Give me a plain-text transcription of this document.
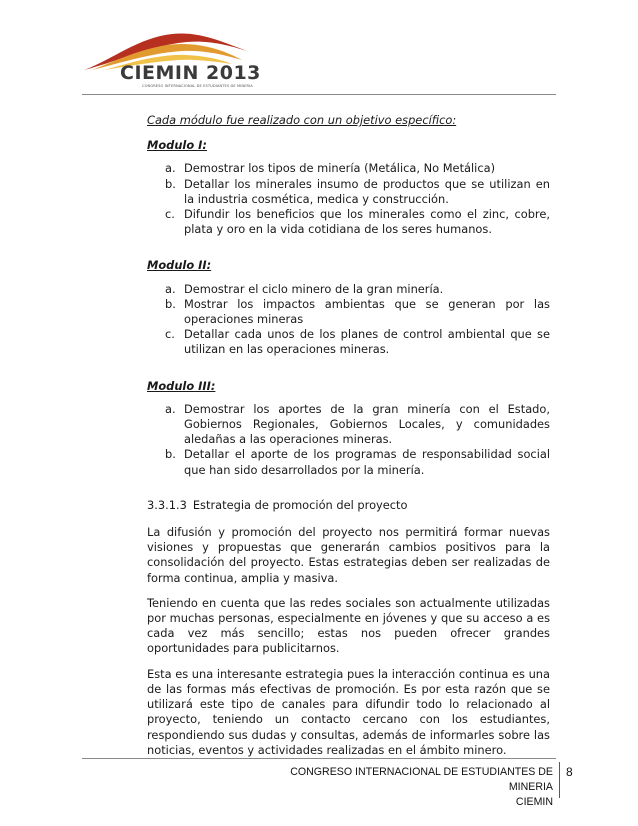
CIEMIN 2013
CONGRESO INTERNACIONAL DE ESTUDIANTES DE MINERIA

Cada módulo fue realizado con un objetivo específico:

Modulo I:

a. Demostrar los tipos de minería (Metálica, No Metálica)
b. Detallar los minerales insumo de productos que se utilizan en la industria cosmética, medica y construcción.
c. Difundir los beneficios que los minerales como el zinc, cobre, plata y oro en la vida cotidiana de los seres humanos.

Modulo II:

a. Demostrar el ciclo minero de la gran minería.
b. Mostrar los impactos ambientas que se generan por las operaciones mineras
c. Detallar cada unos de los planes de control ambiental que se utilizan en las operaciones mineras.

Modulo III:

a. Demostrar los aportes de la gran minería con el Estado, Gobiernos Regionales, Gobiernos Locales, y comunidades aledañas a las operaciones mineras.
b. Detallar el aporte de los programas de responsabilidad social que han sido desarrollados por la minería.

3.3.1.3 Estrategia de promoción del proyecto

La difusión y promoción del proyecto nos permitirá formar nuevas visiones y propuestas que generarán cambios positivos para la consolidación del proyecto. Estas estrategias deben ser realizadas de forma continua, amplia y masiva.

Teniendo en cuenta que las redes sociales son actualmente utilizadas por muchas personas, especialmente en jóvenes y que su acceso a es cada vez más sencillo; estas nos pueden ofrecer grandes oportunidades para publicitarnos.

Esta es una interesante estrategia pues la interacción continua es una de las formas más efectivas de promoción. Es por esta razón que se utilizará este tipo de canales para difundir todo lo relacionado al proyecto, teniendo un contacto cercano con los estudiantes, respondiendo sus dudas y consultas, además de informarles sobre las noticias, eventos y actividades realizadas en el ámbito minero.

CONGRESO INTERNACIONAL DE ESTUDIANTES DE MINERIA
CIEMIN
8
